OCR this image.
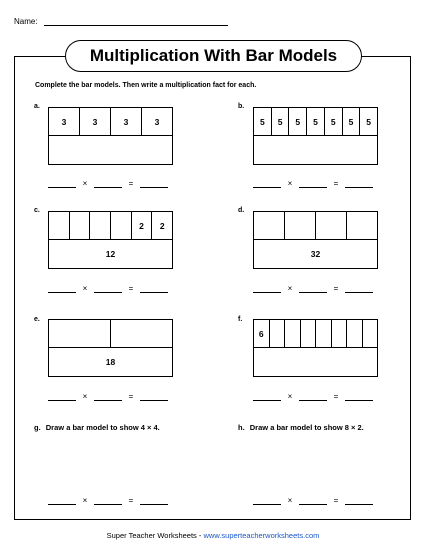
Name:
Multiplication With Bar Models
Complete the bar models. Then write a multiplication fact for each.
a.
3	3	3	3
×	=
b.
5	5	5	5	5	5	5
×	=
c.
2	2
12
×	=
d.
32
×	=
e.
18
×	=
f.
6
×	=
g. Draw a bar model to show 4 × 4.
×	=
h. Draw a bar model to show 8 × 2.
×	=
Super Teacher Worksheets - www.superteacherworksheets.com
